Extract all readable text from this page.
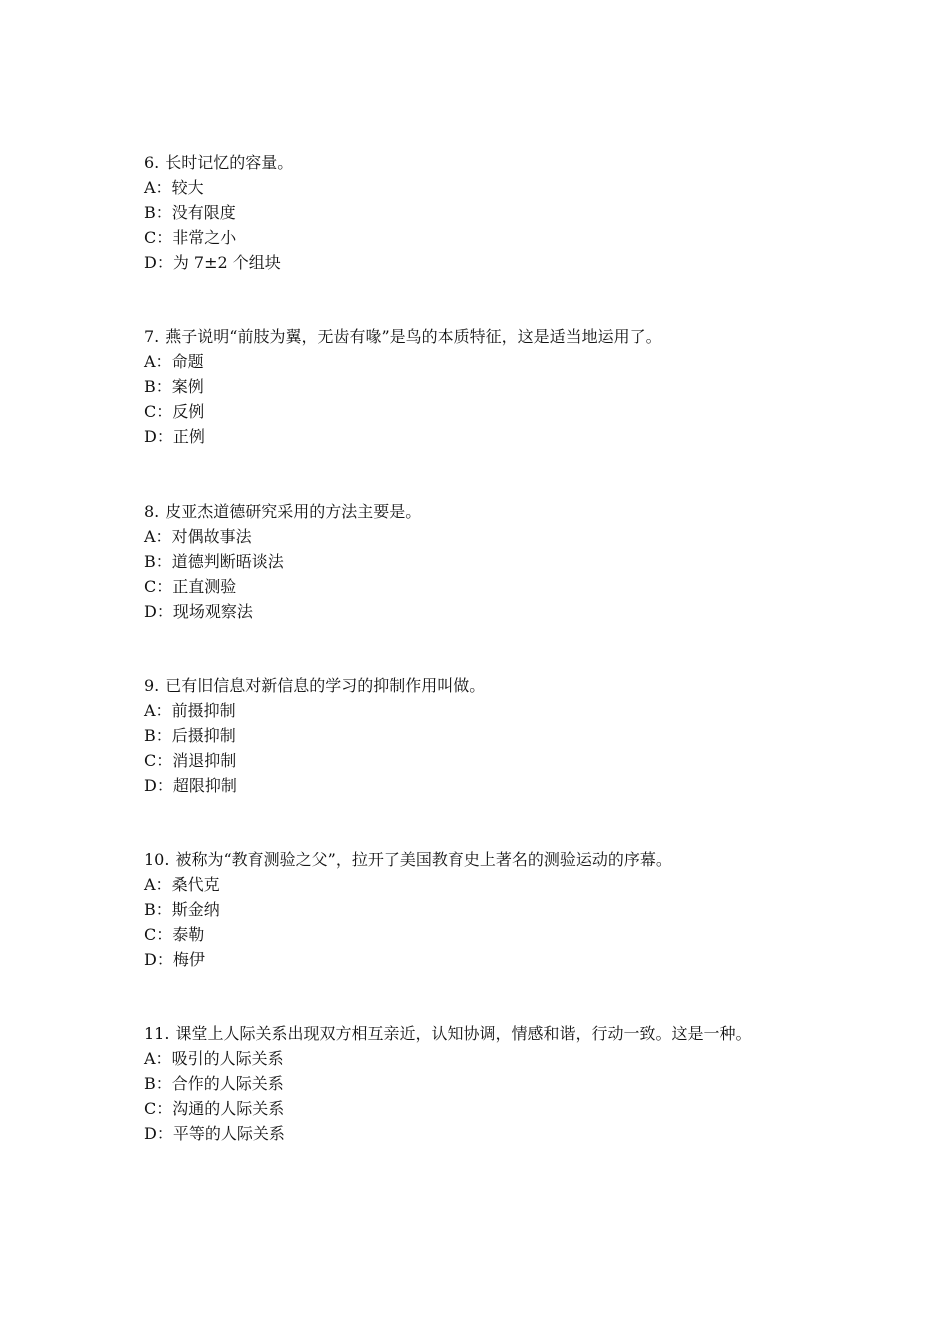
6. 长时记忆的容量。
A：较大
B：没有限度
C：非常之小
D：为 7±2 个组块
7. 燕子说明“前肢为翼，无齿有喙”是鸟的本质特征，这是适当地运用了。
A：命题
B：案例
C：反例
D：正例
8. 皮亚杰道德研究采用的方法主要是。
A：对偶故事法
B：道德判断晤谈法
C：正直测验
D：现场观察法
9. 已有旧信息对新信息的学习的抑制作用叫做。
A：前摄抑制
B：后摄抑制
C：消退抑制
D：超限抑制
10. 被称为“教育测验之父”，拉开了美国教育史上著名的测验运动的序幕。
A：桑代克
B：斯金纳
C：泰勒
D：梅伊
11. 课堂上人际关系出现双方相互亲近，认知协调，情感和谐，行动一致。这是一种。
A：吸引的人际关系
B：合作的人际关系
C：沟通的人际关系
D：平等的人际关系
